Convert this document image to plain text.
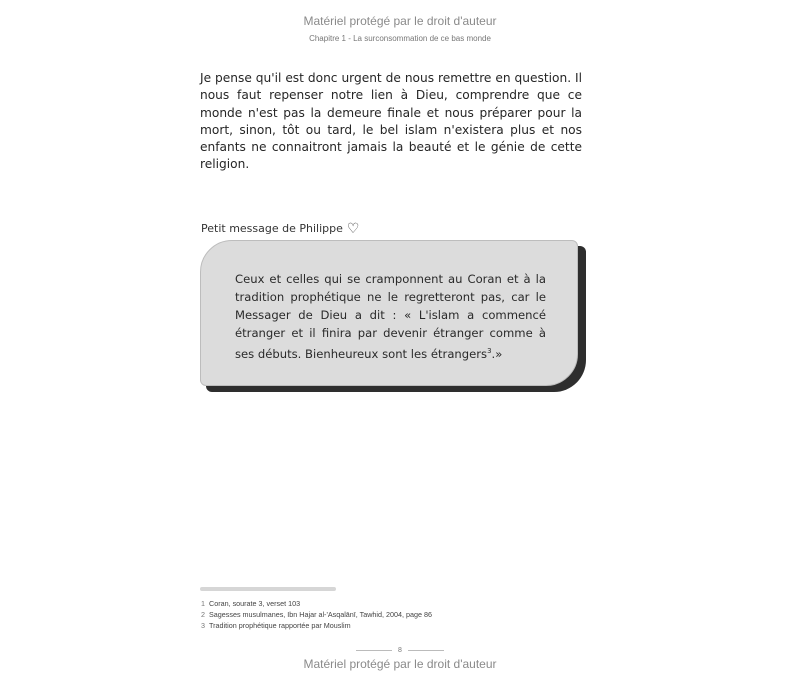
Matériel protégé par le droit d'auteur
Chapitre 1 - La surconsommation de ce bas monde

Je pense qu'il est donc urgent de nous remettre en question. Il nous faut repenser notre lien à Dieu, comprendre que ce monde n'est pas la demeure finale et nous préparer pour la mort, sinon, tôt ou tard, le bel islam n'existera plus et nos enfants ne connaitront jamais la beauté et le génie de cette religion.

Petit message de Philippe ♡

Ceux et celles qui se cramponnent au Coran et à la tradition prophétique ne le regretteront pas, car le Messager de Dieu a dit : « L'islam a commencé étranger et il finira par devenir étranger comme à ses débuts. Bienheureux sont les étrangers$^3$.»

1 Coran, sourate 3, verset 103
2 Sagesses musulmanes, Ibn Hajar al-'Asqalānī, Tawhid, 2004, page 86
3 Tradition prophétique rapportée par Mouslim
8
Matériel protégé par le droit d'auteur
